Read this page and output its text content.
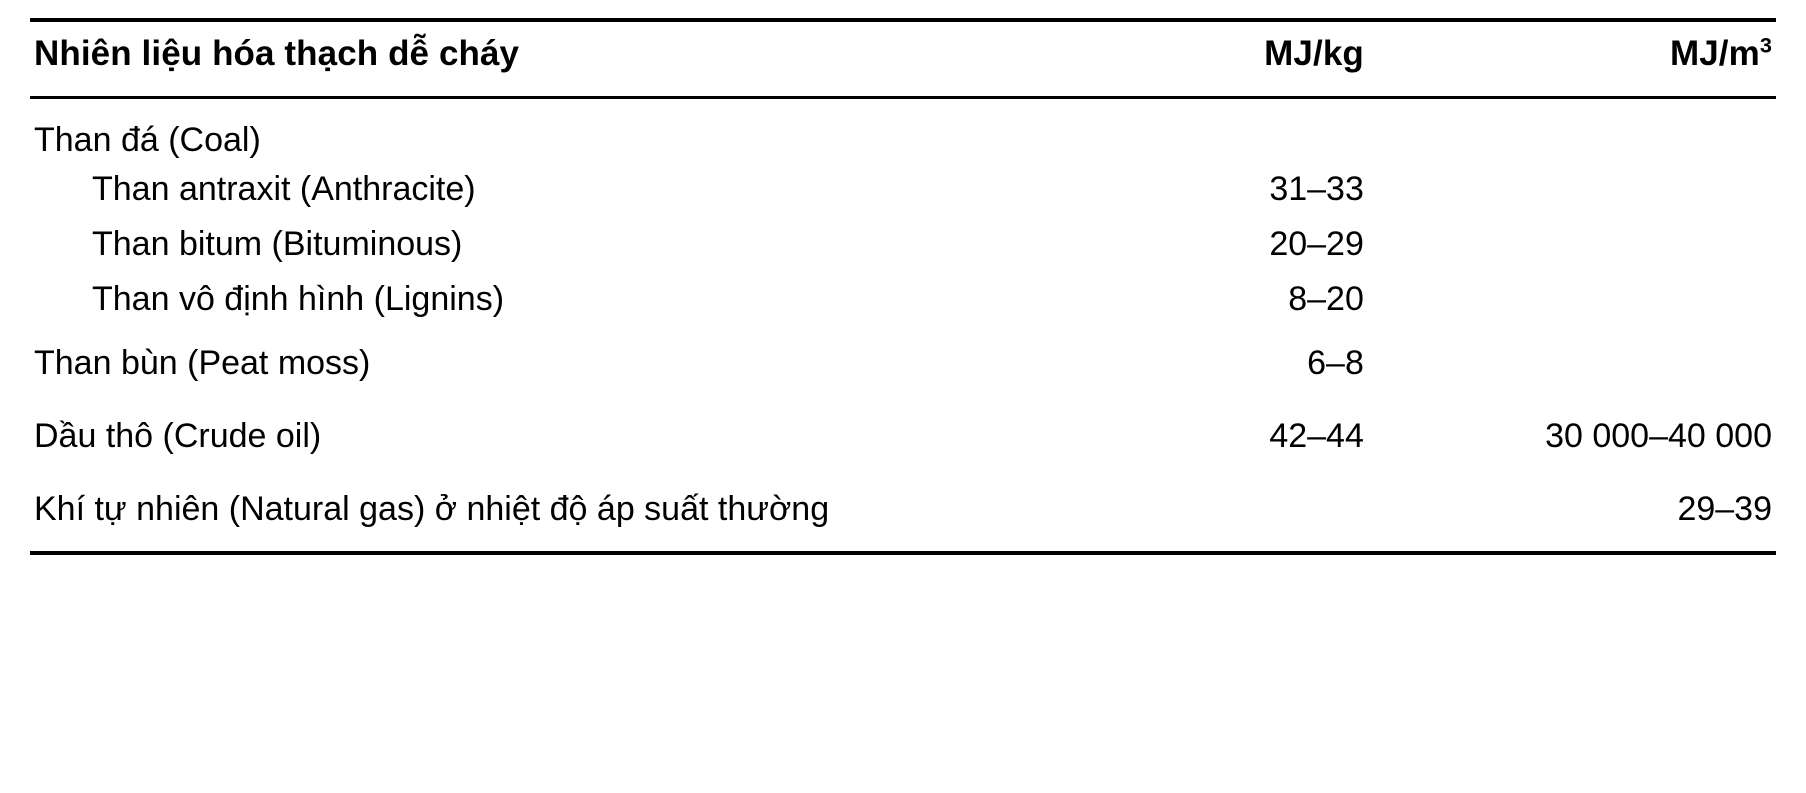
Nhiên liệu hóa thạch dễ cháy	MJ/kg	$MJ/m^3$
Than đá (Coal)		
Than antraxit (Anthracite)	31–33	
Than bitum (Bituminous)	20–29	
Than vô định hình (Lignins)	8–20	
Than bùn (Peat moss)	6–8	
Dầu thô (Crude oil)	42–44	30 000–40 000
Khí tự nhiên (Natural gas) ở nhiệt độ áp suất thường		29–39
